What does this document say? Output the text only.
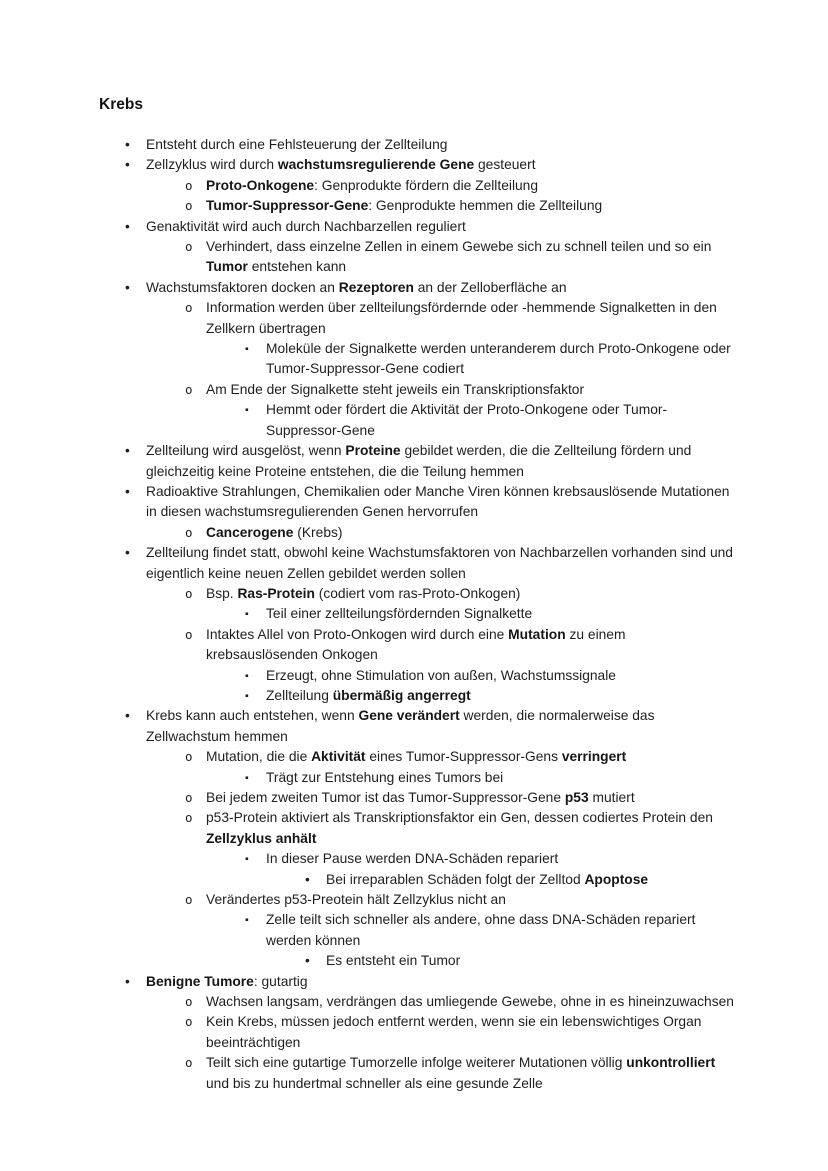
Krebs
• Entsteht durch eine Fehlsteuerung der Zellteilung
• Zellzyklus wird durch wachstumsregulierende Gene gesteuert
o Proto-Onkogene: Genprodukte fördern die Zellteilung
o Tumor-Suppressor-Gene: Genprodukte hemmen die Zellteilung
• Genaktivität wird auch durch Nachbarzellen reguliert
o Verhindert, dass einzelne Zellen in einem Gewebe sich zu schnell teilen und so ein Tumor entstehen kann
• Wachstumsfaktoren docken an Rezeptoren an der Zelloberfläche an
o Information werden über zellteilungsfördernde oder -hemmende Signalketten in den Zellkern übertragen
▪ Moleküle der Signalkette werden unteranderem durch Proto-Onkogene oder Tumor-Suppressor-Gene codiert
o Am Ende der Signalkette steht jeweils ein Transkriptionsfaktor
▪ Hemmt oder fördert die Aktivität der Proto-Onkogene oder Tumor-Suppressor-Gene
• Zellteilung wird ausgelöst, wenn Proteine gebildet werden, die die Zellteilung fördern und gleichzeitig keine Proteine entstehen, die die Teilung hemmen
• Radioaktive Strahlungen, Chemikalien oder Manche Viren können krebsauslösende Mutationen in diesen wachstumsregulierenden Genen hervorrufen
o Cancerogene (Krebs)
• Zellteilung findet statt, obwohl keine Wachstumsfaktoren von Nachbarzellen vorhanden sind und eigentlich keine neuen Zellen gebildet werden sollen
o Bsp. Ras-Protein (codiert vom ras-Proto-Onkogen)
▪ Teil einer zellteilungsfördernden Signalkette
o Intaktes Allel von Proto-Onkogen wird durch eine Mutation zu einem krebsauslösenden Onkogen
▪ Erzeugt, ohne Stimulation von außen, Wachstumssignale
▪ Zellteilung übermäßig angerregt
• Krebs kann auch entstehen, wenn Gene verändert werden, die normalerweise das Zellwachstum hemmen
o Mutation, die die Aktivität eines Tumor-Suppressor-Gens verringert
▪ Trägt zur Entstehung eines Tumors bei
o Bei jedem zweiten Tumor ist das Tumor-Suppressor-Gene p53 mutiert
o p53-Protein aktiviert als Transkriptionsfaktor ein Gen, dessen codiertes Protein den Zellzyklus anhält
▪ In dieser Pause werden DNA-Schäden repariert
• Bei irreparablen Schäden folgt der Zelltod Apoptose
o Verändertes p53-Preotein hält Zellzyklus nicht an
▪ Zelle teilt sich schneller als andere, ohne dass DNA-Schäden repariert werden können
• Es entsteht ein Tumor
• Benigne Tumore: gutartig
o Wachsen langsam, verdrängen das umliegende Gewebe, ohne in es hineinzuwachsen
o Kein Krebs, müssen jedoch entfernt werden, wenn sie ein lebenswichtiges Organ beeinträchtigen
o Teilt sich eine gutartige Tumorzelle infolge weiterer Mutationen völlig unkontrolliert und bis zu hundertmal schneller als eine gesunde Zelle
